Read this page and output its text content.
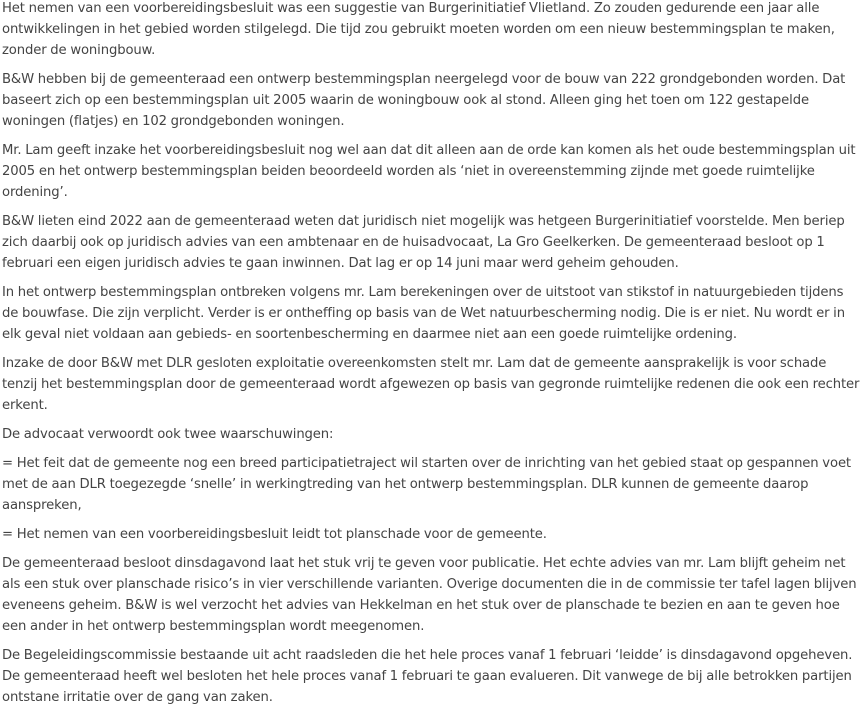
Het nemen van een voorbereidingsbesluit was een suggestie van Burgerinitiatief Vlietland. Zo zouden gedurende een jaar alle ontwikkelingen in het gebied worden stilgelegd. Die tijd zou gebruikt moeten worden om een nieuw bestemmingsplan te maken, zonder de woningbouw.

B&W hebben bij de gemeenteraad een ontwerp bestemmingsplan neergelegd voor de bouw van 222 grondgebonden worden. Dat baseert zich op een bestemmingsplan uit 2005 waarin de woningbouw ook al stond. Alleen ging het toen om 122 gestapelde woningen (flatjes) en 102 grondgebonden woningen.

Mr. Lam geeft inzake het voorbereidingsbesluit nog wel aan dat dit alleen aan de orde kan komen als het oude bestemmingsplan uit 2005 en het ontwerp bestemmingsplan beiden beoordeeld worden als ‘niet in overeenstemming zijnde met goede ruimtelijke ordening’.

B&W lieten eind 2022 aan de gemeenteraad weten dat juridisch niet mogelijk was hetgeen Burgerinitiatief voorstelde. Men beriep zich daarbij ook op juridisch advies van een ambtenaar en de huisadvocaat, La Gro Geelkerken. De gemeenteraad besloot op 1 februari een eigen juridisch advies te gaan inwinnen. Dat lag er op 14 juni maar werd geheim gehouden.

In het ontwerp bestemmingsplan ontbreken volgens mr. Lam berekeningen over de uitstoot van stikstof in natuurgebieden tijdens de bouwfase. Die zijn verplicht. Verder is er ontheffing op basis van de Wet natuurbescherming nodig. Die is er niet. Nu wordt er in elk geval niet voldaan aan gebieds- en soortenbescherming en daarmee niet aan een goede ruimtelijke ordening.

Inzake de door B&W met DLR gesloten exploitatie overeenkomsten stelt mr. Lam dat de gemeente aansprakelijk is voor schade tenzij het bestemmingsplan door de gemeenteraad wordt afgewezen op basis van gegronde ruimtelijke redenen die ook een rechter erkent.

De advocaat verwoordt ook twee waarschuwingen:

= Het feit dat de gemeente nog een breed participatietraject wil starten over de inrichting van het gebied staat op gespannen voet met de aan DLR toegezegde ‘snelle’ in werkingtreding van het ontwerp bestemmingsplan. DLR kunnen de gemeente daarop aanspreken,

= Het nemen van een voorbereidingsbesluit leidt tot planschade voor de gemeente.

De gemeenteraad besloot dinsdagavond laat het stuk vrij te geven voor publicatie. Het echte advies van mr. Lam blijft geheim net als een stuk over planschade risico’s in vier verschillende varianten. Overige documenten die in de commissie ter tafel lagen blijven eveneens geheim. B&W is wel verzocht het advies van Hekkelman en het stuk over de planschade te bezien en aan te geven hoe een ander in het ontwerp bestemmingsplan wordt meegenomen.

De Begeleidingscommissie bestaande uit acht raadsleden die het hele proces vanaf 1 februari ‘leidde’ is dinsdagavond opgeheven. De gemeenteraad heeft wel besloten het hele proces vanaf 1 februari te gaan evalueren. Dit vanwege de bij alle betrokken partijen ontstane irritatie over de gang van zaken.
